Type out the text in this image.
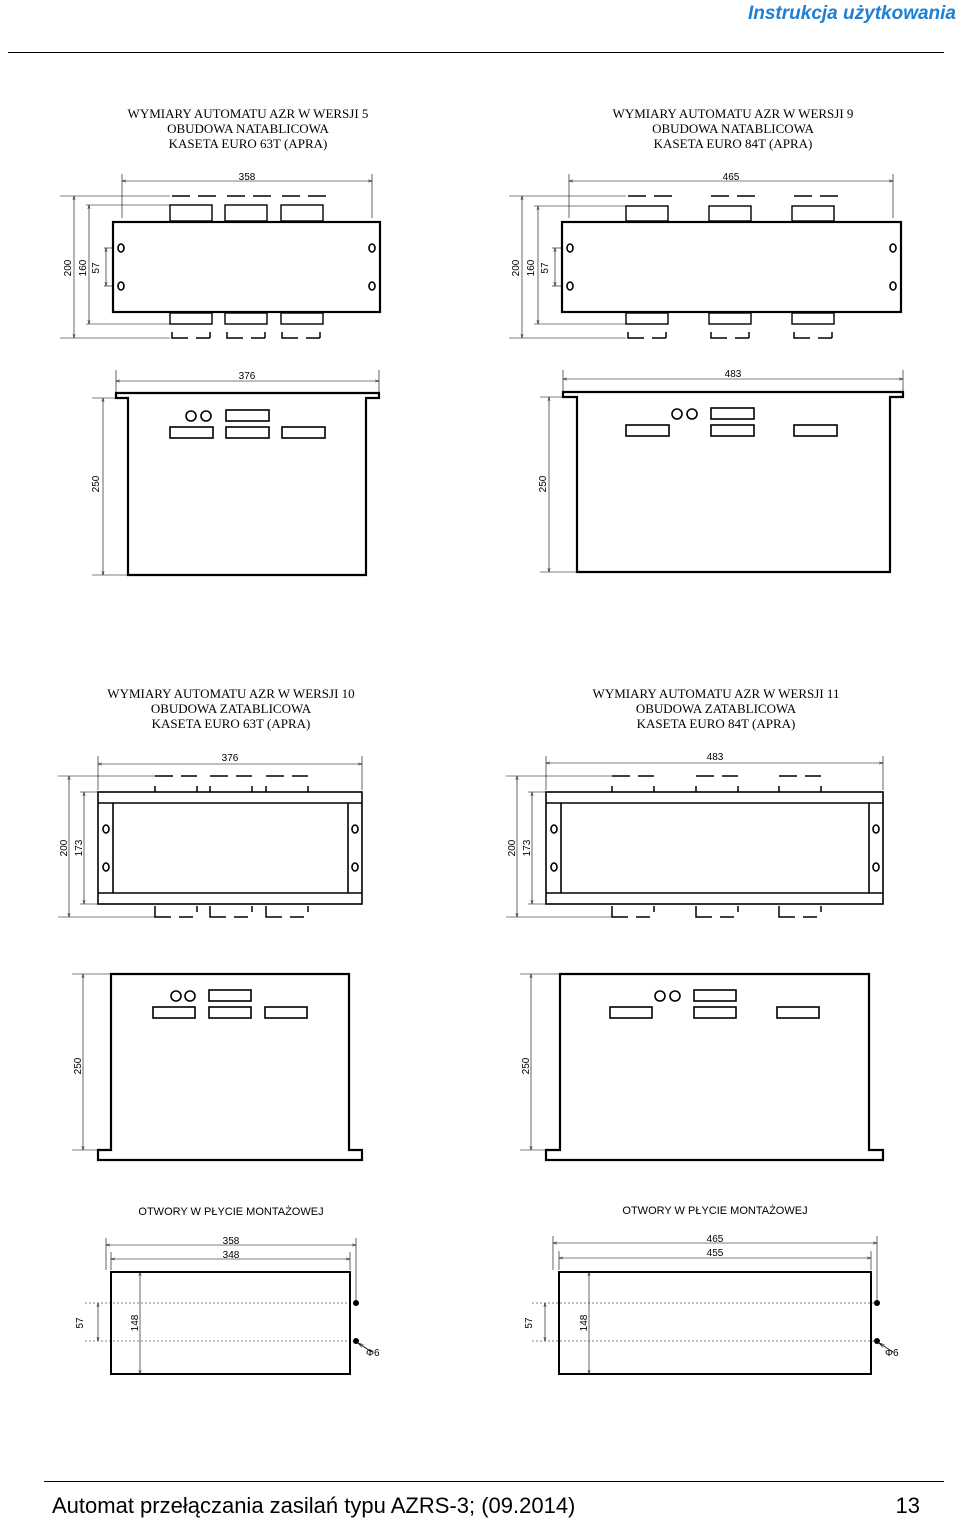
Instrukcja użytkowania
WYMIARY AUTOMATU AZR W WERSJI 5
OBUDOWA NATABLICOWA
KASETA EURO 63T (APRA)
WYMIARY AUTOMATU AZR W WERSJI 9
OBUDOWA NATABLICOWA
KASETA EURO 84T (APRA)
WYMIARY AUTOMATU AZR W WERSJI 10
OBUDOWA ZATABLICOWA
KASETA EURO 63T (APRA)
WYMIARY AUTOMATU AZR W WERSJI 11
OBUDOWA ZATABLICOWA
KASETA EURO 84T (APRA)
358
200 160 57
376
250
465
200 160 57
483
250
376
200 173
250
483
200 173
250
358
348
57	148
Φ6
465
455
57	148
Φ6
OTWORY W PŁYCIE MONTAŻOWEJ	OTWORY W PŁYCIE MONTAŻOWEJ
Automat przełączania zasilań typu AZRS-3; (09.2014)	13
